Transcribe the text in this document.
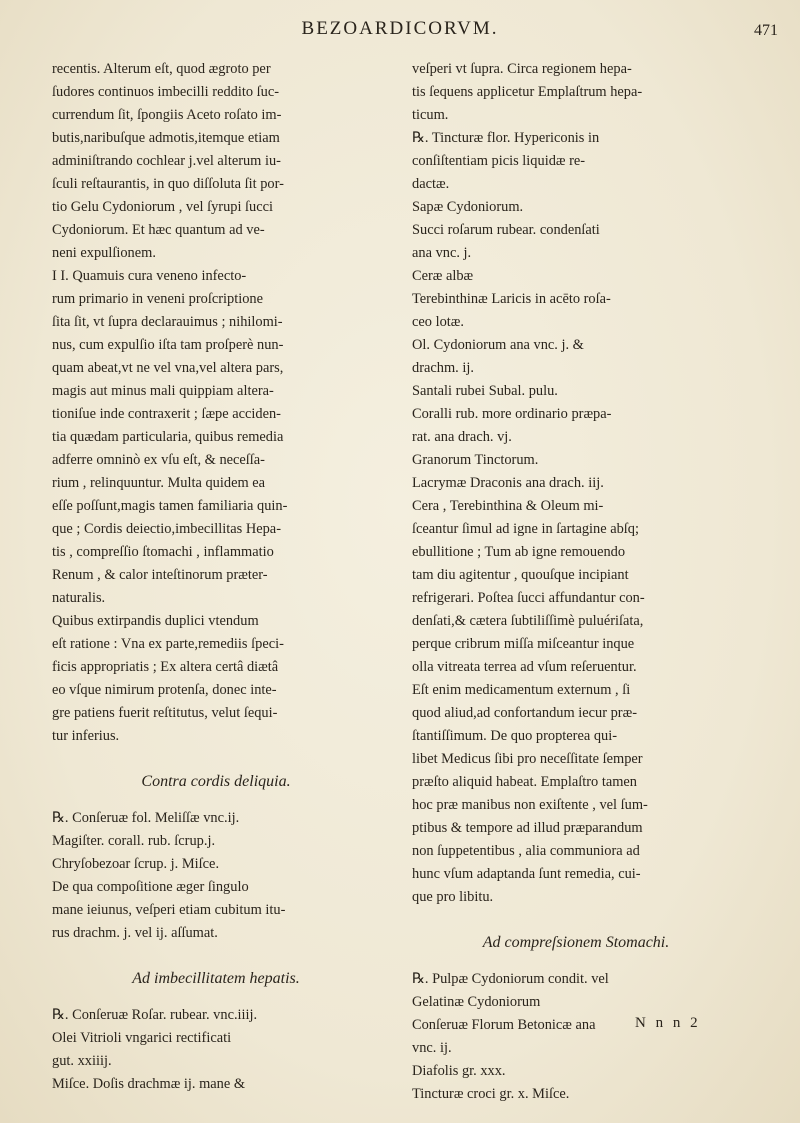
BEZOARDICORVM.	471
recentis. Alterum eſt, quod ægroto per
ſudores continuos imbecilli reddito ſuc-
currendum ſit, ſpongiis Aceto roſato im-
butis,naribuſque admotis,itemque etiam
adminiſtrando cochlear j.vel alterum iu-
ſculi reſtaurantis, in quo diſſoluta ſit por-
tio Gelu Cydoniorum , vel ſyrupi ſucci
Cydoniorum. Et hæc quantum ad ve-
neni expulſionem.
I I. Quamuis cura veneno infecto-
rum primario in veneni proſcriptione
ſita ſit, vt ſupra declarauimus ; nihilomi-
nus, cum expulſio iſta tam proſperè nun-
quam abeat,vt ne vel vna,vel altera pars,
magis aut minus mali quippiam altera-
tioniſue inde contraxerit ; ſæpe acciden-
tia quædam particularia, quibus remedia
adferre omninò ex vſu eſt, & neceſſa-
rium , relinquuntur. Multa quidem ea
eſſe poſſunt,magis tamen familiaria quin-
que ; Cordis deiectio,imbecillitas Hepa-
tis , compreſſio ſtomachi , inflammatio
Renum , & calor inteſtinorum præter-
naturalis.
Quibus extirpandis duplici vtendum
eſt ratione : Vna ex parte,remediis ſpeci-
ficis appropriatis ; Ex altera certâ diætâ
eo vſque nimirum protenſa, donec inte-
gre patiens fuerit reſtitutus, velut ſequi-
tur inferius.
Contra cordis deliquia.
℞. Conſeruæ fol. Meliſſæ vnc.ij.
Magiſter. corall. rub. ſcrup.j.
Chryſobezoar ſcrup. j. Miſce.
De qua compoſitione æger ſingulo
mane ieiunus, veſperi etiam cubitum itu-
rus drachm. j. vel ij. aſſumat.
Ad imbecillitatem hepatis.
℞. Conſeruæ Roſar. rubear. vnc.iiij.
Olei Vitrioli vngarici rectificati
gut. xxiiij.
Miſce. Doſis drachmæ ij. mane &
veſperi vt ſupra. Circa regionem hepa-
tis ſequens applicetur Emplaſtrum hepa-
ticum.
℞. Tincturæ flor. Hypericonis in
conſiſtentiam picis liquidæ re-
dactæ.
Sapæ Cydoniorum.
Succi roſarum rubear. condenſati
ana vnc. j.
Ceræ albæ
Terebinthinæ Laricis in acēto roſa-
ceo lotæ.
Ol. Cydoniorum ana vnc. j. &
drachm. ij.
Santali rubei Subal. pulu.
Coralli rub. more ordinario præpa-
rat. ana drach. vj.
Granorum Tinctorum.
Lacrymæ Draconis ana drach. iij.
Cera , Terebinthina & Oleum mi-
ſceantur ſimul ad igne in ſartagine abſq;
ebullitione ; Tum ab igne remouendo
tam diu agitentur , quouſque incipiant
refrigerari. Poſtea ſucci affundantur con-
denſati,& cætera ſubtiliſſimè puluériſata,
perque cribrum miſſa miſceantur inque
olla vitreata terrea ad vſum reſeruentur.
Eſt enim medicamentum externum , ſi
quod aliud,ad confortandum iecur præ-
ſtantiſſimum. De quo propterea qui-
libet Medicus ſibi pro neceſſitate ſemper
præſto aliquid habeat. Emplaſtro tamen
hoc præ manibus non exiſtente , vel ſum-
ptibus & tempore ad illud præparandum
non ſuppetentibus , alia communiora ad
hunc vſum adaptanda ſunt remedia, cui-
que pro libitu.
Ad compreſsionem Stomachi.
℞. Pulpæ Cydoniorum condit. vel
Gelatinæ Cydoniorum
Conſeruæ Florum Betonicæ ana
vnc. ij.
Diafolis gr. xxx.
Tincturæ croci gr. x. Miſce.
N n n 2
